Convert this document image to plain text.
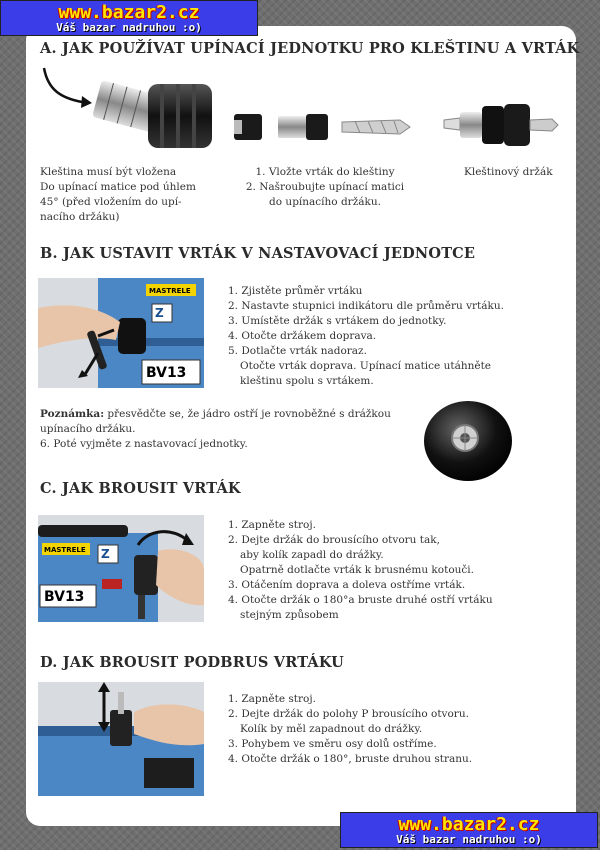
www.bazar2.cz
Váš bazar nadruhou :o)
A. JAK POUŽÍVAT UPÍNACÍ JEDNOTKU PRO KLEŠTINU A VRTÁK
Kleština musí být vložena
Do upínací matice pod úhlem
45° (před vložením do upí-
nacího držáku)
1. Vložte vrták do kleštiny
2. Našroubujte upínací matici
do upínacího držáku.
Kleštinový držák
B. JAK USTAVIT VRTÁK V NASTAVOVACÍ JEDNOTCE
MASTRELE
Z
BV13
1. Zjistěte průměr vrtáku
2. Nastavte stupnici indikátoru dle průměru vrtáku.
3. Umístěte držák s vrtákem do jednotky.
4. Otočte držákem doprava.
5. Dotlačte vrták nadoraz.
Otočte vrták doprava. Upínací matice utáhněte
kleštinu spolu s vrtákem.
Poznámka: přesvědčte se, že jádro ostří je rovnoběžné s drážkou
upínacího držáku.
6. Poté vyjměte z nastavovací jednotky.
C. JAK BROUSIT VRTÁK
MASTRELE Z
BV13
1. Zapněte stroj.
2. Dejte držák do brousícího otvoru tak,
aby kolík zapadl do drážky.
Opatrně dotlačte vrták k brusnému kotouči.
3. Otáčením doprava a doleva ostříme vrták.
4. Otočte držák o 180°a bruste druhé ostří vrtáku
stejným způsobem
D. JAK BROUSIT PODBRUS VRTÁKU
1. Zapněte stroj.
2. Dejte držák do polohy P brousícího otvoru.
Kolík by měl zapadnout do drážky.
3. Pohybem ve směru osy dolů ostříme.
4. Otočte držák o 180°, bruste druhou stranu.
www.bazar2.cz
Váš bazar nadruhou :o)
